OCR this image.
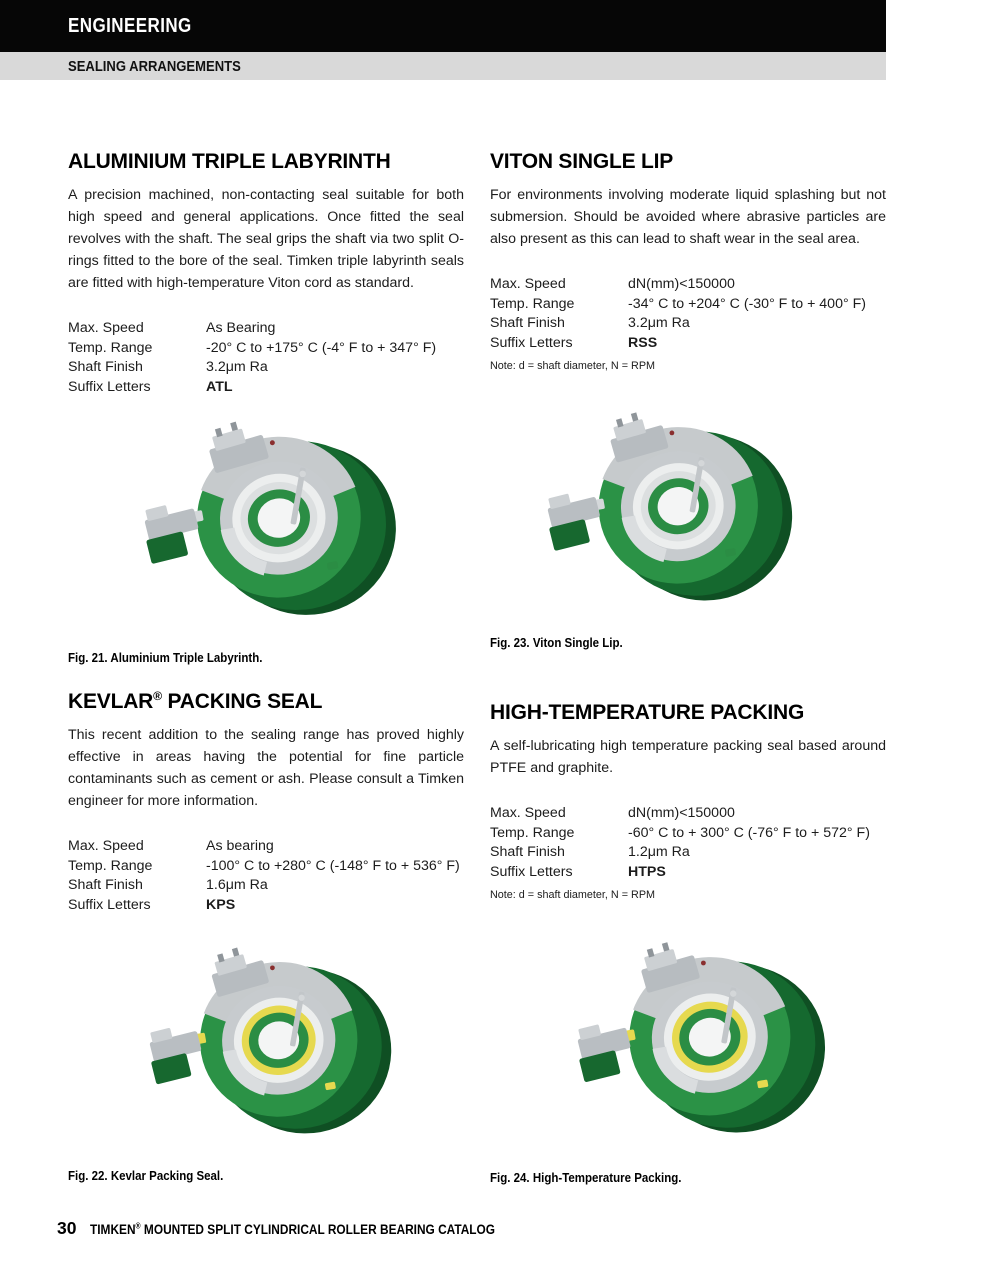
ENGINEERING
SEALING ARRANGEMENTS
ALUMINIUM TRIPLE LABYRINTH

A precision machined, non-contacting seal suitable for both high speed and general applications. Once fitted the seal revolves with the shaft. The seal grips the shaft via two split O-rings fitted to the bore of the seal. Timken triple labyrinth seals are fitted with high-temperature Viton cord as standard.

Max. Speed	As Bearing
Temp. Range	-20° C to +175° C (-4° F to + 347° F)
Shaft Finish	3.2μm Ra
Suffix Letters	ATL
VITON SINGLE LIP

For environments involving moderate liquid splashing but not submersion. Should be avoided where abrasive particles are also present as this can lead to shaft wear in the seal area.

Max. Speed	dN(mm)<150000
Temp. Range	-34° C to +204° C (-30° F to + 400° F)
Shaft Finish	3.2μm Ra
Suffix Letters	RSS
Note: d = shaft diameter, N = RPM
KEVLAR® PACKING SEAL

This recent addition to the sealing range has proved highly effective in areas having the potential for fine particle contaminants such as cement or ash. Please consult a Timken engineer for more information.

Max. Speed	As bearing
Temp. Range	-100° C to +280° C (-148° F to + 536° F)
Shaft Finish	1.6μm Ra
Suffix Letters	KPS
HIGH-TEMPERATURE PACKING

A self-lubricating high temperature packing seal based around PTFE and graphite.

Max. Speed	dN(mm)<150000
Temp. Range	-60° C to + 300° C (-76° F to + 572° F)
Shaft Finish	1.2μm Ra
Suffix Letters	HTPS
Note: d = shaft diameter, N = RPM
Fig. 21. Aluminium Triple Labyrinth.
Fig. 23. Viton Single Lip.
Fig. 22. Kevlar Packing Seal.	Fig. 24. High-Temperature Packing.
30 TIMKEN® MOUNTED SPLIT CYLINDRICAL ROLLER BEARING CATALOG
